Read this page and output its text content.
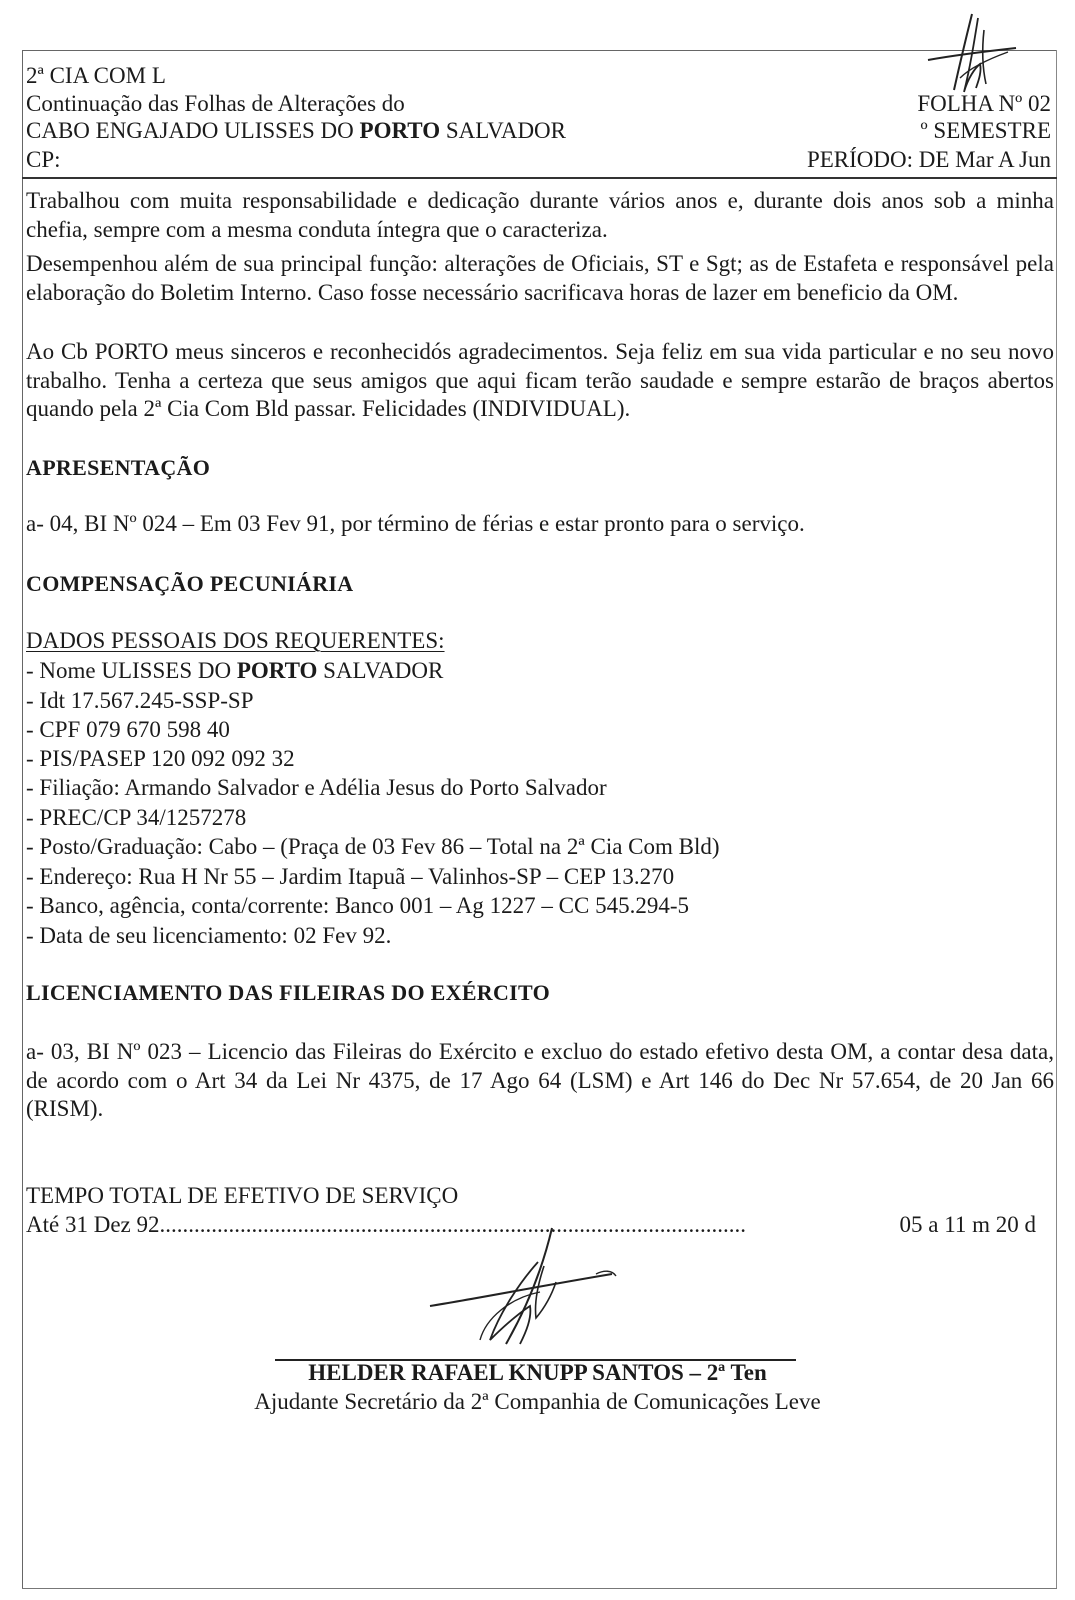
2ª CIA COM L
Continuação das Folhas de Alterações do
CABO ENGAJADO ULISSES DO PORTO SALVADOR
CP:
FOLHA Nº 02
º SEMESTRE
PERÍODO: DE Mar A Jun
Trabalhou com muita responsabilidade e dedicação durante vários anos e, durante dois anos sob a minha chefia, sempre com a mesma conduta íntegra que o caracteriza.
Desempenhou além de sua principal função: alterações de Oficiais, ST e Sgt; as de Estafeta e responsável pela elaboração do Boletim Interno. Caso fosse necessário sacrificava horas de lazer em beneficio da OM.
Ao Cb PORTO meus sinceros e reconhecidós agradecimentos. Seja feliz em sua vida particular e no seu novo trabalho. Tenha a certeza que seus amigos que aqui ficam terão saudade e sempre estarão de braços abertos quando pela 2ª Cia Com Bld passar. Felicidades (INDIVIDUAL).
APRESENTAÇÃO
a- 04, BI Nº 024 – Em 03 Fev 91, por término de férias e estar pronto para o serviço.
COMPENSAÇÃO PECUNIÁRIA
DADOS PESSOAIS DOS REQUERENTES:
- Nome ULISSES DO PORTO SALVADOR
- Idt 17.567.245-SSP-SP
- CPF 079 670 598 40
- PIS/PASEP 120 092 092 32
- Filiação: Armando Salvador e Adélia Jesus do Porto Salvador
- PREC/CP 34/1257278
- Posto/Graduação: Cabo – (Praça de 03 Fev 86 – Total na 2ª Cia Com Bld)
- Endereço: Rua H Nr 55 – Jardim Itapuã – Valinhos-SP – CEP 13.270
- Banco, agência, conta/corrente: Banco 001 – Ag 1227 – CC 545.294-5
- Data de seu licenciamento: 02 Fev 92.
LICENCIAMENTO DAS FILEIRAS DO EXÉRCITO
a- 03, BI Nº 023 – Licencio das Fileiras do Exército e excluo do estado efetivo desta OM, a contar desa data, de acordo com o Art 34 da Lei Nr 4375, de 17 Ago 64 (LSM) e Art 146 do Dec Nr 57.654, de 20 Jan 66 (RISM).
TEMPO TOTAL DE EFETIVO DE SERVIÇO
Até 31 Dez 92 ......................................................................................................	05 a 11 m 20 d
HELDER RAFAEL KNUPP SANTOS – 2ª Ten
Ajudante Secretário da 2ª Companhia de Comunicações Leve
